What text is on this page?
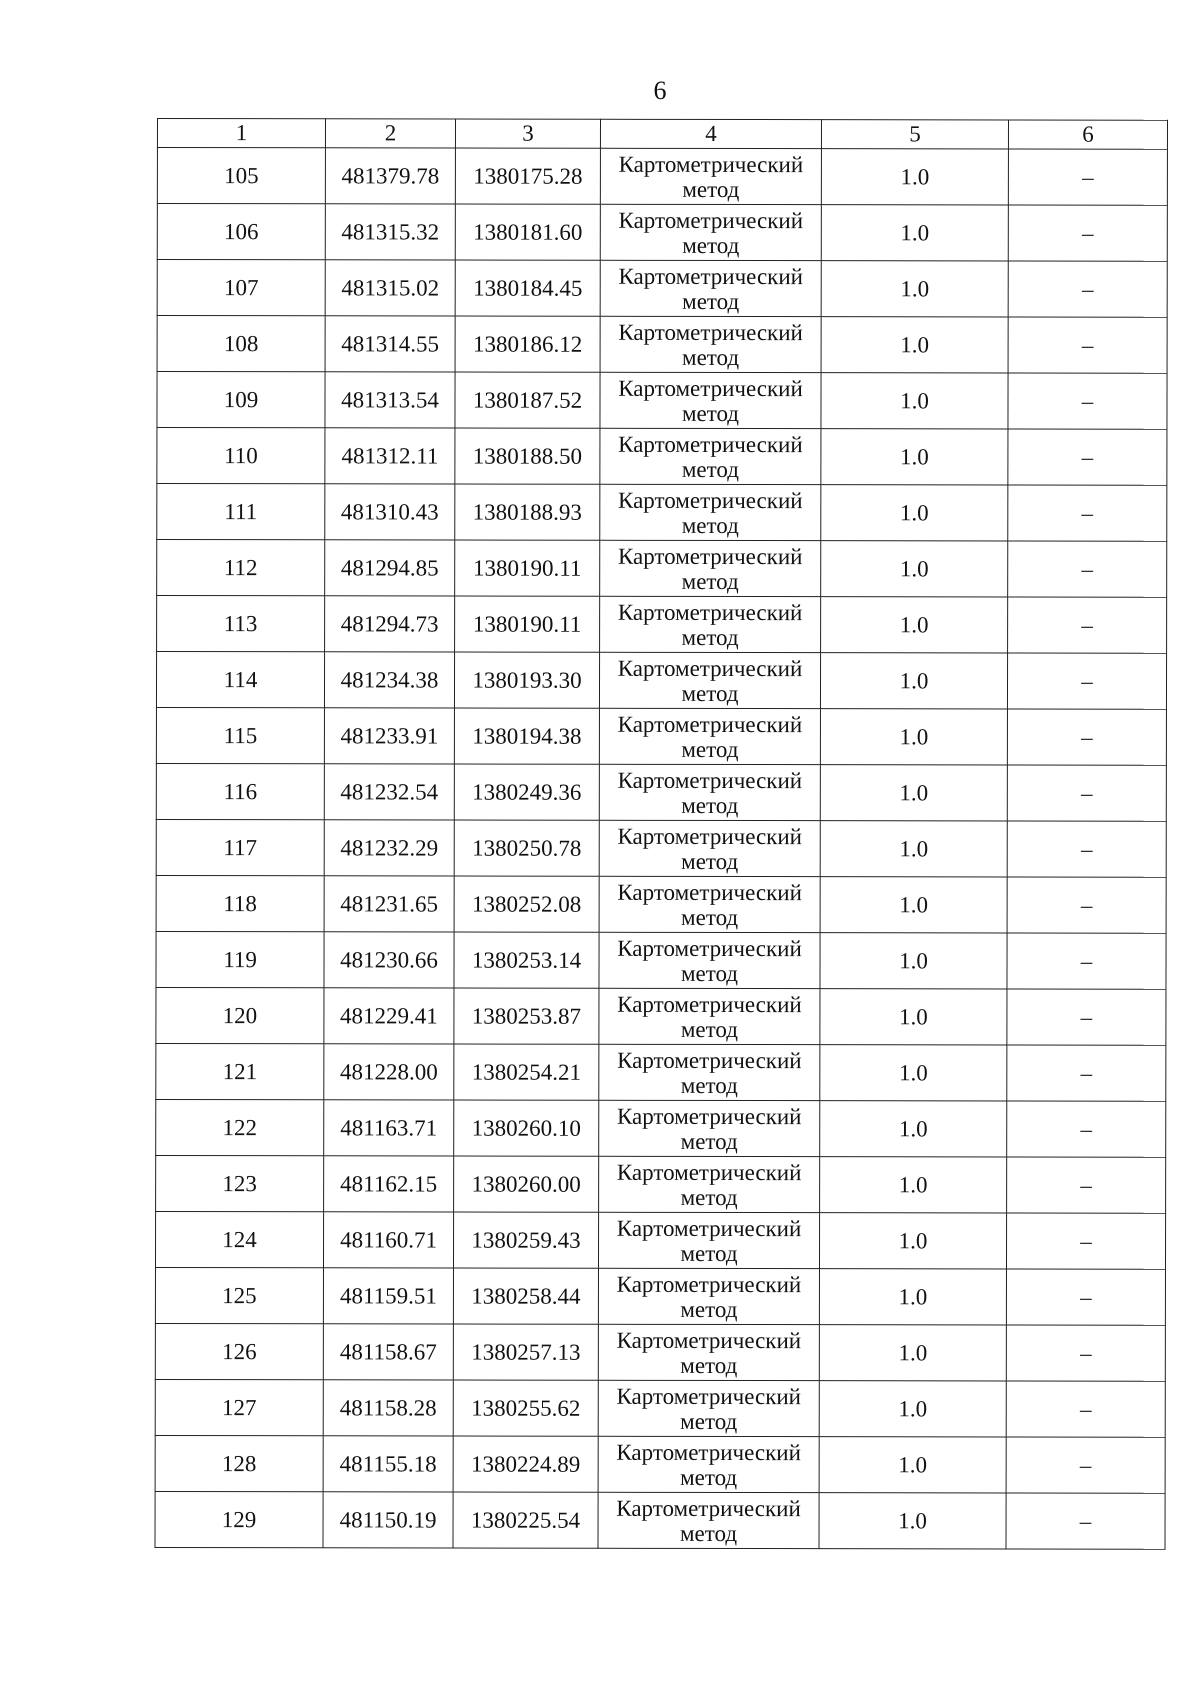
6
1	2	3	4	5	6
105	481379.78	1380175.28	Картометрический метод	1.0	–
106	481315.32	1380181.60	Картометрический метод	1.0	–
107	481315.02	1380184.45	Картометрический метод	1.0	–
108	481314.55	1380186.12	Картометрический метод	1.0	–
109	481313.54	1380187.52	Картометрический метод	1.0	–
110	481312.11	1380188.50	Картометрический метод	1.0	–
111	481310.43	1380188.93	Картометрический метод	1.0	–
112	481294.85	1380190.11	Картометрический метод	1.0	–
113	481294.73	1380190.11	Картометрический метод	1.0	–
114	481234.38	1380193.30	Картометрический метод	1.0	–
115	481233.91	1380194.38	Картометрический метод	1.0	–
116	481232.54	1380249.36	Картометрический метод	1.0	–
117	481232.29	1380250.78	Картометрический метод	1.0	–
118	481231.65	1380252.08	Картометрический метод	1.0	–
119	481230.66	1380253.14	Картометрический метод	1.0	–
120	481229.41	1380253.87	Картометрический метод	1.0	–
121	481228.00	1380254.21	Картометрический метод	1.0	–
122	481163.71	1380260.10	Картометрический метод	1.0	–
123	481162.15	1380260.00	Картометрический метод	1.0	–
124	481160.71	1380259.43	Картометрический метод	1.0	–
125	481159.51	1380258.44	Картометрический метод	1.0	–
126	481158.67	1380257.13	Картометрический метод	1.0	–
127	481158.28	1380255.62	Картометрический метод	1.0	–
128	481155.18	1380224.89	Картометрический метод	1.0	–
129	481150.19	1380225.54	Картометрический метод	1.0	–
